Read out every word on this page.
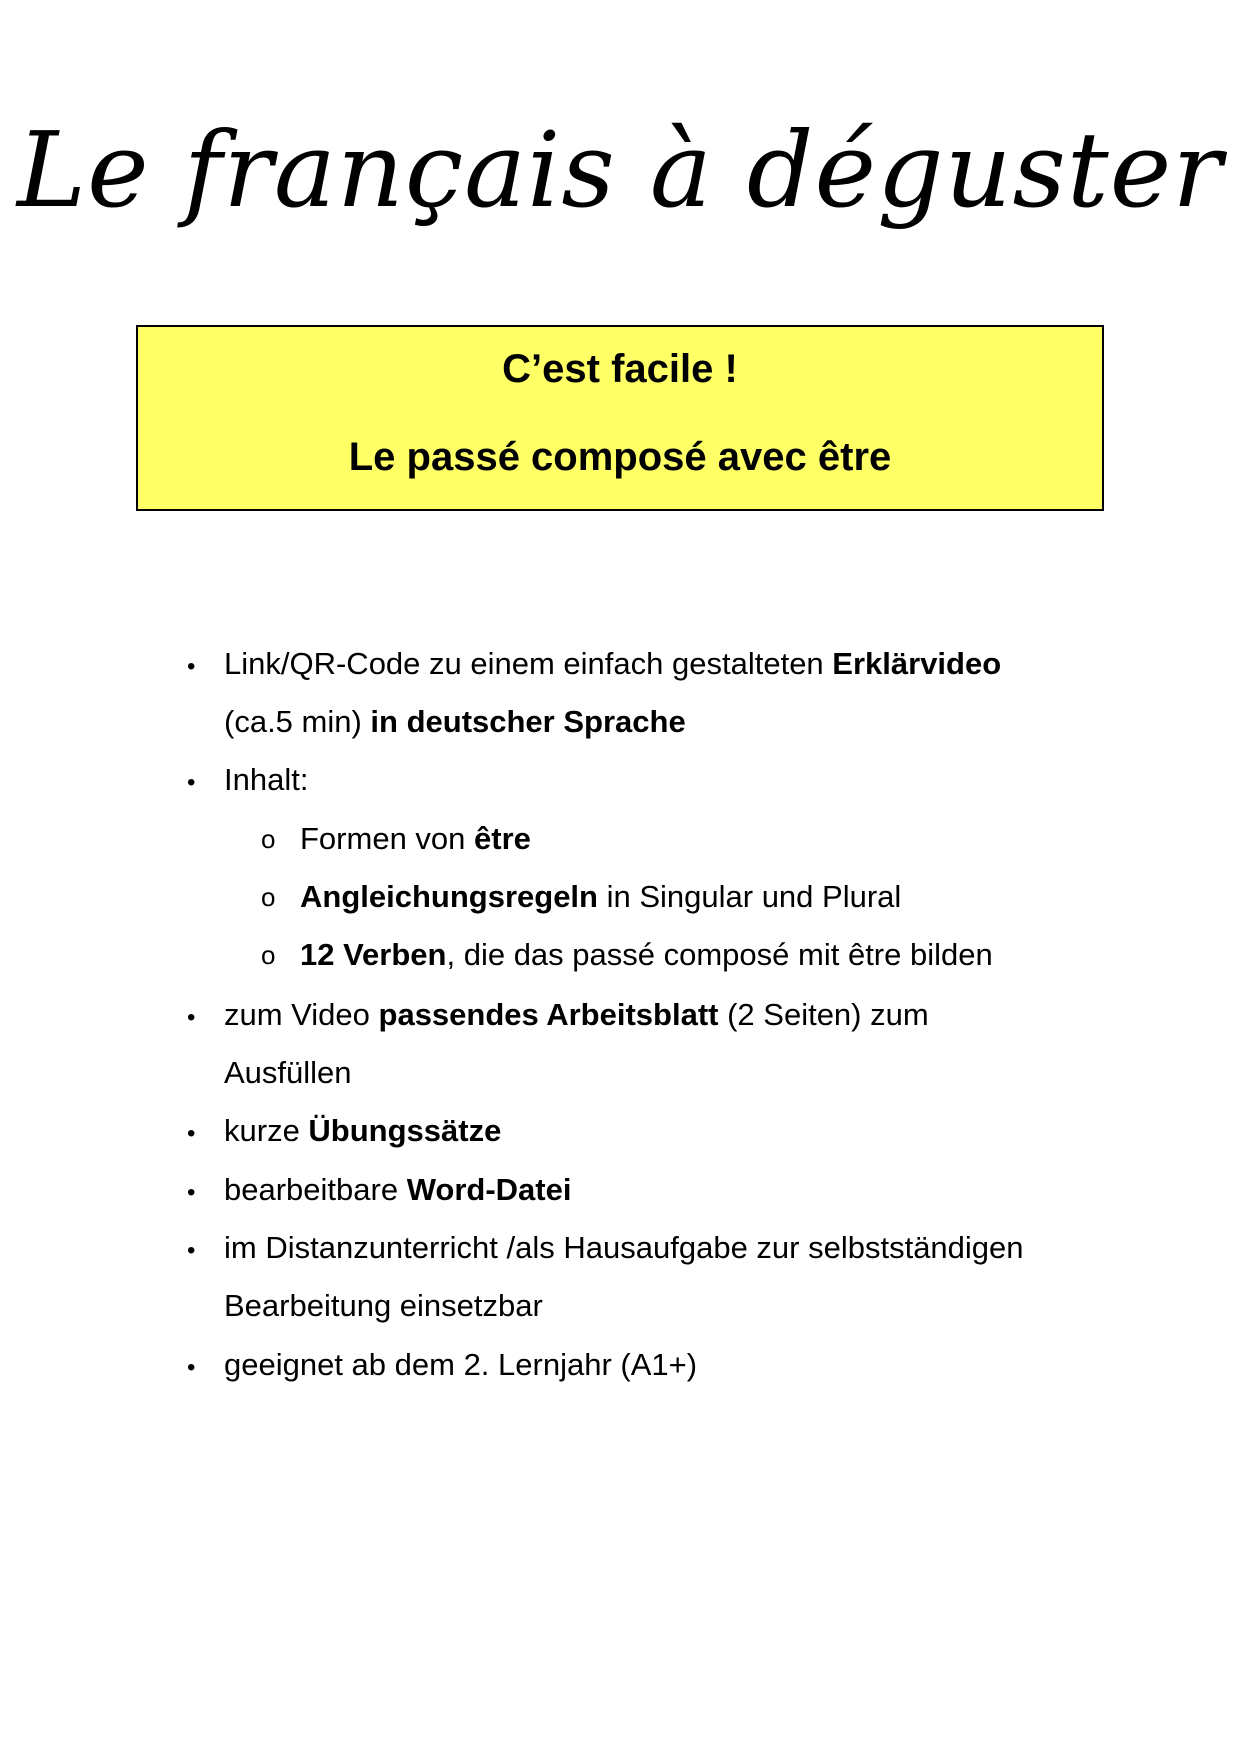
Le français à déguster
C’est facile !
Le passé composé avec être
• Link/QR-Code zu einem einfach gestalteten Erklärvideo
(ca.5 min) in deutscher Sprache
• Inhalt:
o Formen von être
o Angleichungsregeln in Singular und Plural
o 12 Verben, die das passé composé mit être bilden
• zum Video passendes Arbeitsblatt (2 Seiten) zum
Ausfüllen
• kurze Übungssätze
• bearbeitbare Word-Datei
• im Distanzunterricht /als Hausaufgabe zur selbstständigen
Bearbeitung einsetzbar
• geeignet ab dem 2. Lernjahr (A1+)
